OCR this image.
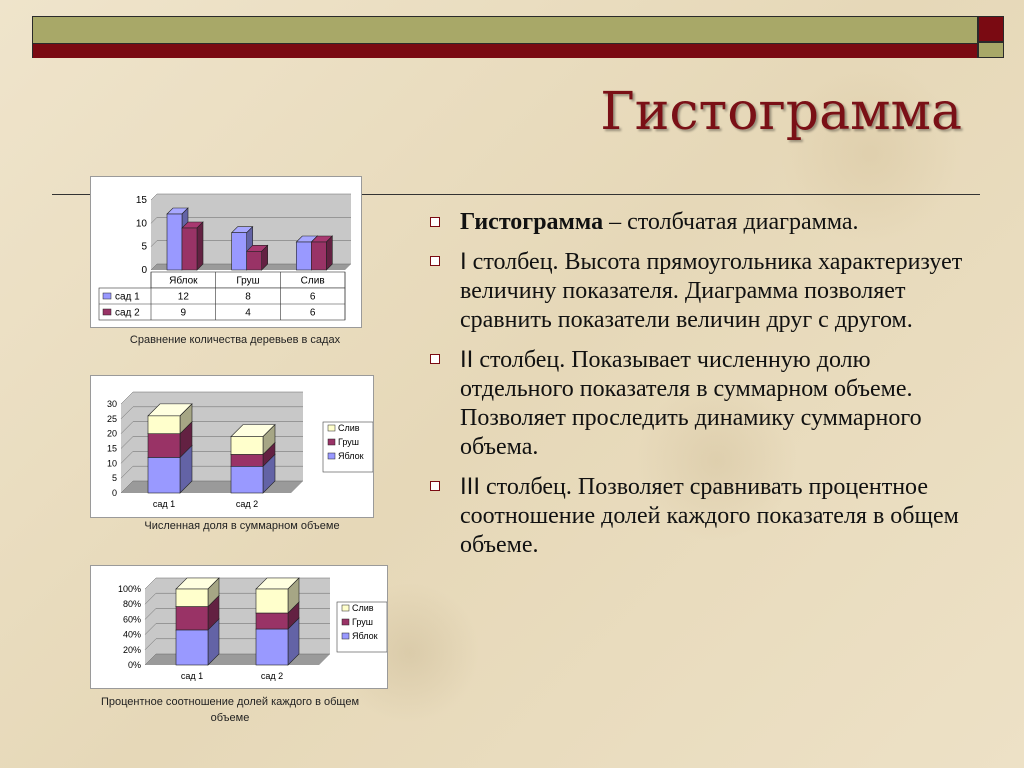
Гистограмма
15
10
5
0
Яблок	Груш	Слив
сад 1	12	8	6
сад 2	9	4	6
Сравнение количества деревьев в садах
30
25
20
15
10
5
0
сад 1	сад 2
Слив
Груш
Яблок
Численная доля в суммарном объеме
100%
80%
60%
40%
20%
0%
сад 1	сад 2
Слив
Груш
Яблок
Процентное соотношение долей каждого в общем объеме
Гистограмма – столбчатая диаграмма.
I столбец. Высота прямоугольника характеризует величину показателя. Диаграмма позволяет сравнить показатели величин друг с другом.
II столбец. Показывает численную долю отдельного показателя в суммарном объеме. Позволяет проследить динамику суммарного объема.
III столбец. Позволяет сравнивать процентное соотношение долей каждого показателя в общем объеме.
